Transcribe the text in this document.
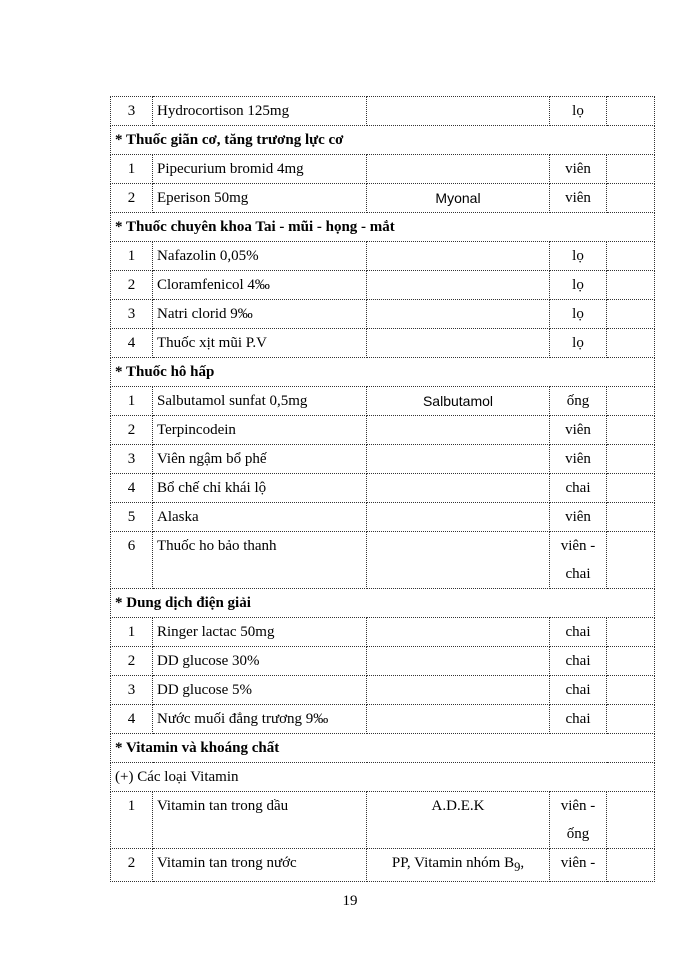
3	Hydrocortison 125mg		lọ	
* Thuốc giãn cơ, tăng trương lực cơ				
1	Pipecurium bromid 4mg		viên	
2	Eperison 50mg	Myonal	viên	
* Thuốc chuyên khoa Tai - mũi - họng - mắt				
1	Nafazolin 0,05%		lọ	
2	Cloramfenicol 4‰		lọ	
3	Natri clorid 9‰		lọ	
4	Thuốc xịt mũi P.V		lọ	
* Thuốc hô hấp				
1	Salbutamol sunfat 0,5mg	Salbutamol	ống	
2	Terpincodein		viên	
3	Viên ngậm bổ phế		viên	
4	Bổ chế chỉ khái lộ		chai	
5	Alaska		viên	
6	Thuốc ho bảo thanh		viên -
chai	

* Dung dịch điện giải				
1	Ringer lactac 50mg		chai	
2	DD glucose 30%		chai	
3	DD glucose 5%		chai	
4	Nước muối đẳng trương 9‰		chai	
* Vitamin và khoáng chất				
(+) Các loại Vitamin				
1	Vitamin tan trong dầu	A.D.E.K	viên -
ống	

2	Vitamin tan trong nước	PP, Vitamin nhóm $B_9$,	viên -	
19
